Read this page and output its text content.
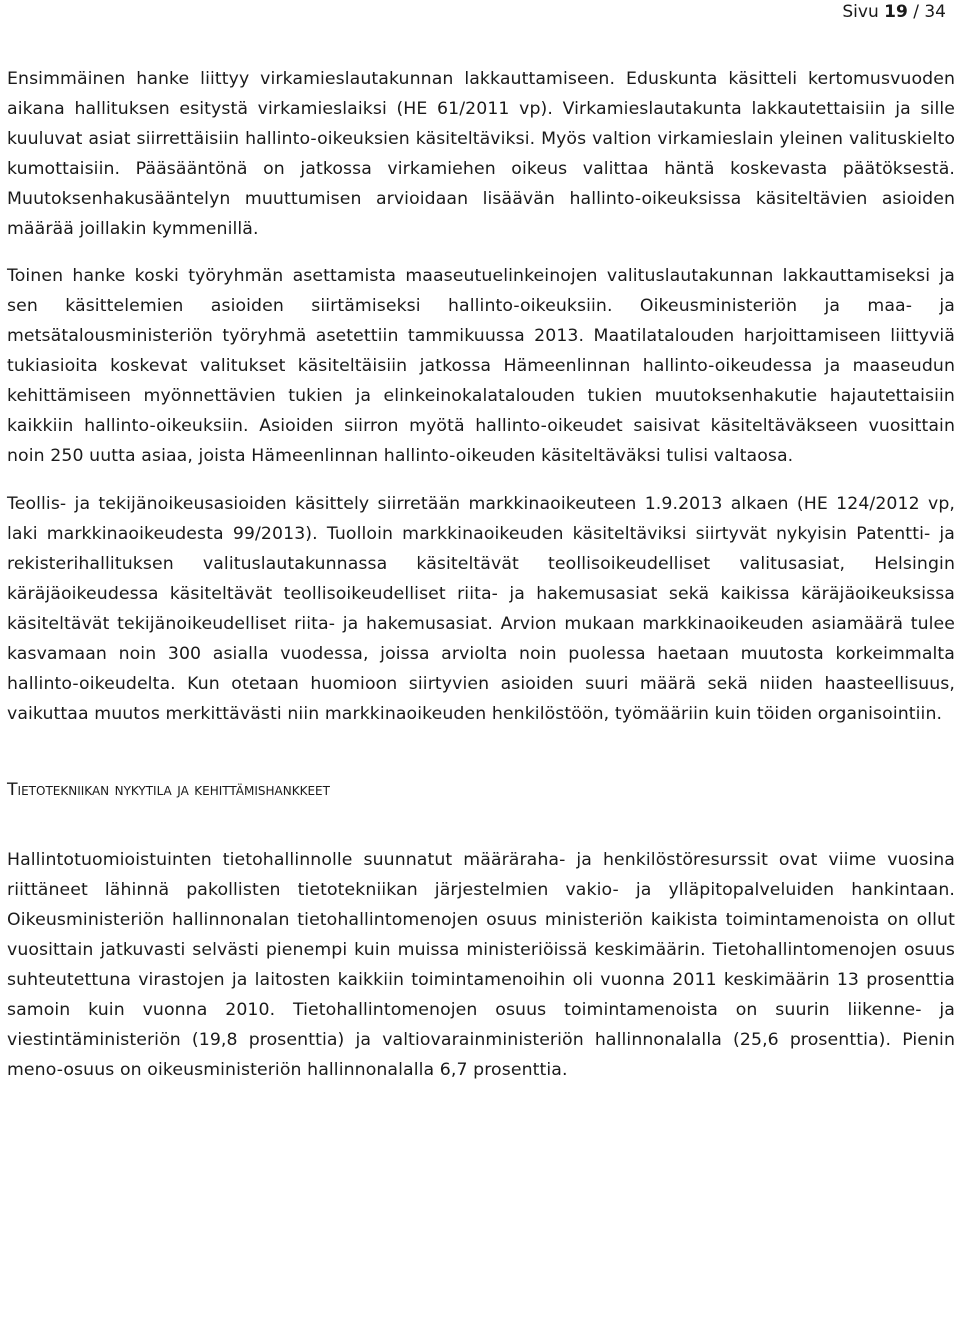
Sivu 19 / 34

Ensimmäinen hanke liittyy virkamieslautakunnan lakkauttamiseen. Eduskunta käsitteli kertomusvuoden aikana hallituksen esitystä virkamieslaiksi (HE 61/2011 vp). Virkamieslautakunta lakkautettaisiin ja sille kuuluvat asiat siirrettäisiin hallinto-oikeuksien käsiteltäviksi. Myös valtion virkamieslain yleinen valituskielto kumottaisiin. Pääsääntönä on jatkossa virkamiehen oikeus valittaa häntä koskevasta päätöksestä. Muutoksenhakusääntelyn muuttumisen arvioidaan lisäävän hallinto-oikeuksissa käsiteltävien asioiden määrää joillakin kymmenillä.

Toinen hanke koski työryhmän asettamista maaseutuelinkeinojen valituslautakunnan lakkauttamiseksi ja sen käsittelemien asioiden siirtämiseksi hallinto-oikeuksiin. Oikeusministeriön ja maa- ja metsätalousministeriön työryhmä asetettiin tammikuussa 2013. Maatilatalouden harjoittamiseen liittyviä tukiasioita koskevat valitukset käsiteltäisiin jatkossa Hämeenlinnan hallinto-oikeudessa ja maaseudun kehittämiseen myönnettävien tukien ja elinkeinokalatalouden tukien muutoksenhakutie hajautettaisiin kaikkiin hallinto-oikeuksiin. Asioiden siirron myötä hallinto-oikeudet saisivat käsiteltäväkseen vuosittain noin 250 uutta asiaa, joista Hämeenlinnan hallinto-oikeuden käsiteltäväksi tulisi valtaosa.

Teollis- ja tekijänoikeusasioiden käsittely siirretään markkinaoikeuteen 1.9.2013 alkaen (HE 124/2012 vp, laki markkinaoikeudesta 99/2013). Tuolloin markkinaoikeuden käsiteltäviksi siirtyvät nykyisin Patentti- ja rekisterihallituksen valituslautakunnassa käsiteltävät teollisoikeudelliset valitusasiat, Helsingin käräjäoikeudessa käsiteltävät teollisoikeudelliset riita- ja hakemusasiat sekä kaikissa käräjäoikeuksissa käsiteltävät tekijänoikeudelliset riita- ja hakemusasiat. Arvion mukaan markkinaoikeuden asiamäärä tulee kasvamaan noin 300 asialla vuodessa, joissa arviolta noin puolessa haetaan muutosta korkeimmalta hallinto-oikeudelta. Kun otetaan huomioon siirtyvien asioiden suuri määrä sekä niiden haasteellisuus, vaikuttaa muutos merkittävästi niin markkinaoikeuden henkilöstöön, työmääriin kuin töiden organisointiin.

Tietotekniikan nykytila ja kehittämishankkeet

Hallintotuomioistuinten tietohallinnolle suunnatut määräraha- ja henkilöstöresurssit ovat viime vuosina riittäneet lähinnä pakollisten tietotekniikan järjestelmien vakio- ja ylläpitopalveluiden hankintaan. Oikeusministeriön hallinnonalan tietohallintomenojen osuus ministeriön kaikista toimintamenoista on ollut vuosittain jatkuvasti selvästi pienempi kuin muissa ministeriöissä keskimäärin. Tietohallintomenojen osuus suhteutettuna virastojen ja laitosten kaikkiin toimintamenoihin oli vuonna 2011 keskimäärin 13 prosenttia samoin kuin vuonna 2010. Tietohallintomenojen osuus toimintamenoista on suurin liikenne- ja viestintäministeriön (19,8 prosenttia) ja valtiovarainministeriön hallinnonalalla (25,6 prosenttia). Pienin meno-osuus on oikeusministeriön hallinnonalalla 6,7 prosenttia.
